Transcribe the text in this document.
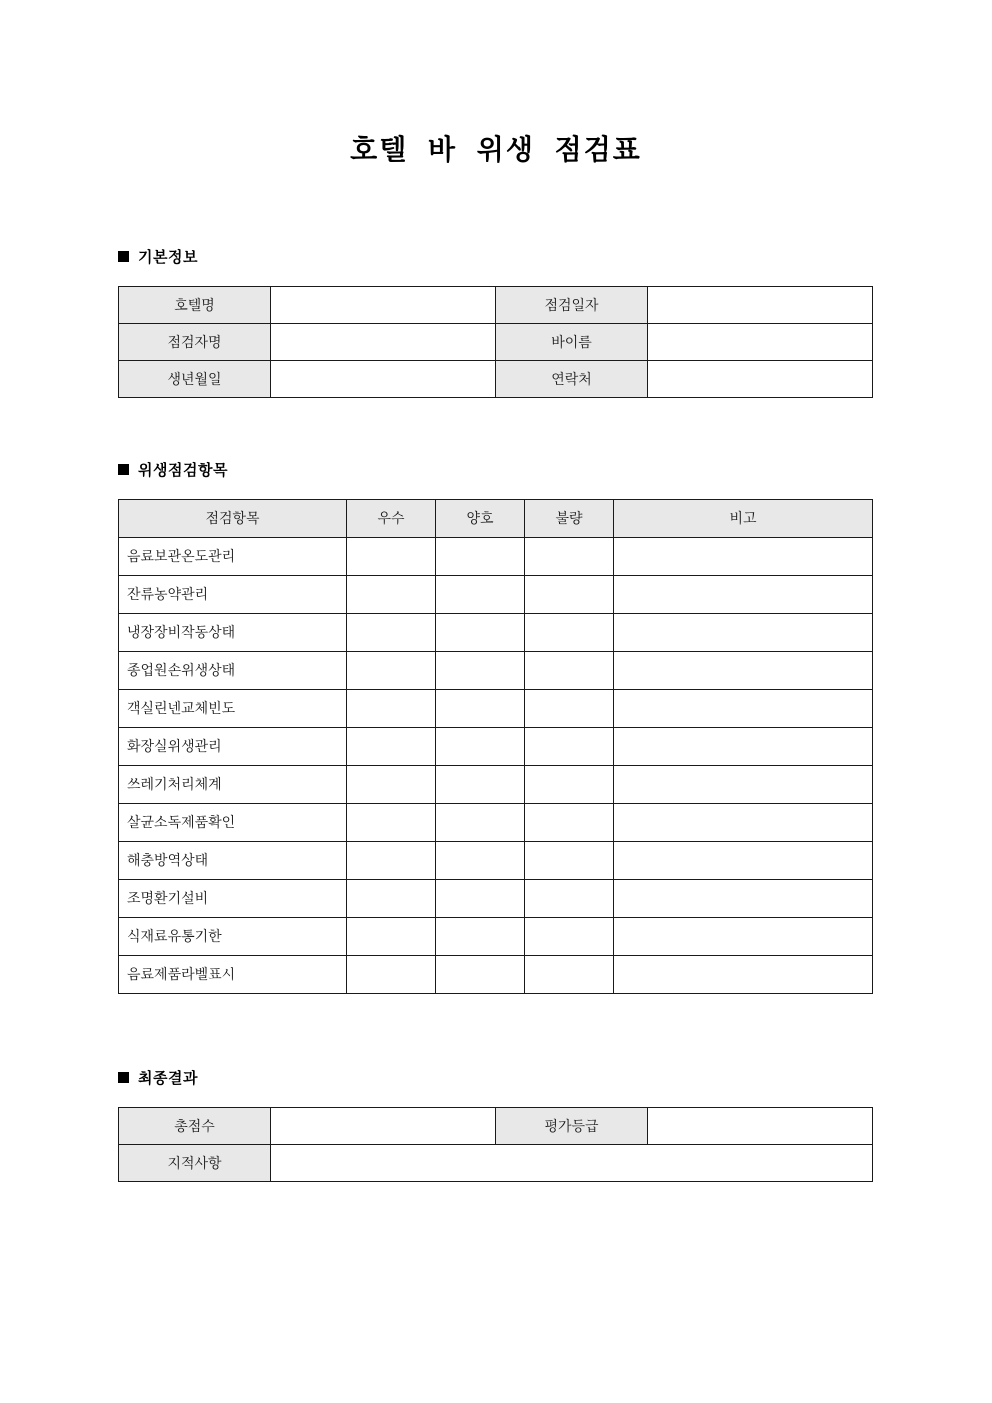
호텔 바 위생 점검표
기본정보
호텔명		점검일자	
점검자명		바이름	
생년월일		연락처	
위생점검항목
점검항목	우수	양호	불량	비고
음료보관온도관리				
잔류농약관리				
냉장장비작동상태				
종업원손위생상태				
객실린넨교체빈도				
화장실위생관리				
쓰레기처리체계				
살균소독제품확인				
해충방역상태				
조명환기설비				
식재료유통기한				
음료제품라벨표시				
최종결과
총점수		평가등급	
지적사항			
